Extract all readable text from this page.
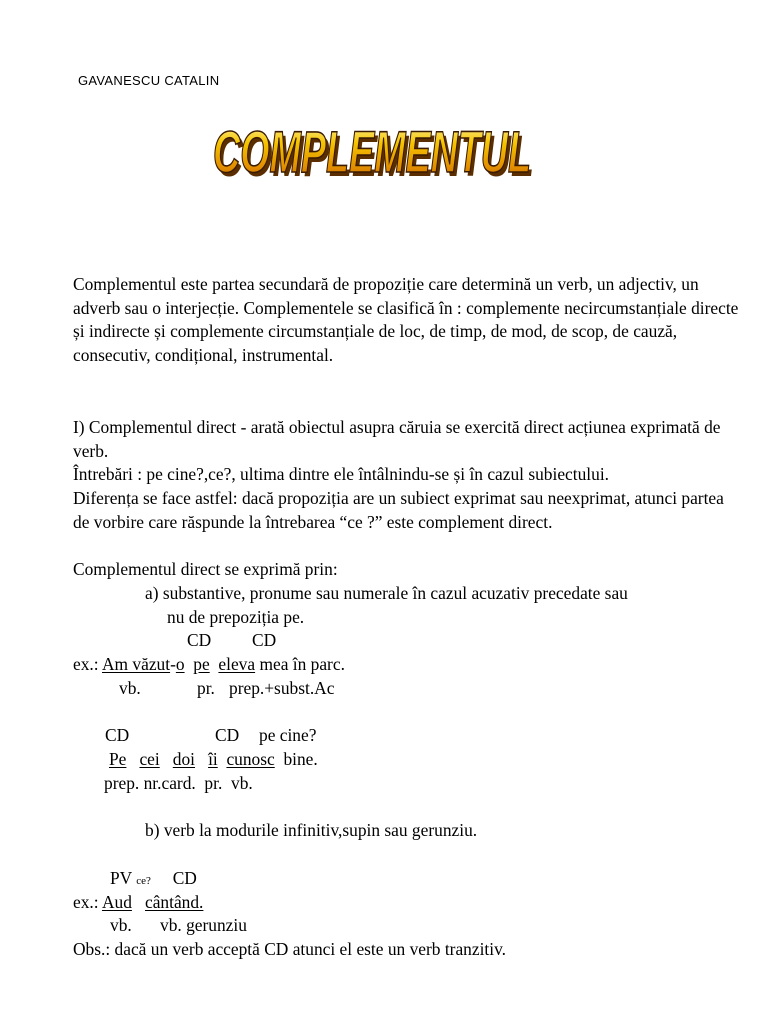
GAVANESCU CATALIN
COMPLEMENTUL
COMPLEMENTUL

Complementul este partea secundară de propoziție care determină un verb, un adjectiv, un adverb sau o interjecție. Complementele se clasifică în : complemente necircumstanțiale directe și indirecte și complemente circumstanțiale de loc, de timp, de mod, de scop, de cauză, consecutiv, condițional, instrumental.

I) Complementul direct - arată obiectul asupra căruia se exercită direct acțiunea exprimată de verb.

Întrebări : pe cine?,ce?, ultima dintre ele întâlnindu-se și în cazul subiectului.

Diferența se face astfel: dacă propoziția are un subiect exprimat sau neexprimat, atunci partea de vorbire care răspunde la întrebarea “ce ?” este complement direct.

Complementul direct se exprimă prin:

a) substantive, pronume sau numerale în cazul acuzativ precedate sau
nu de prepoziția pe.
CD CD
ex.: Am văzut-o pe eleva mea în parc.
vb.	pr. prep.+subst.Ac
CD	CD pe cine?
Pe cei doi îi cunosc bine.
prep. nr.card.  pr.  vb.
b) verb la modurile infinitiv,supin sau gerunziu.
PV ce? CD
ex.: Aud cântând.
vb. vb. gerunziu
Obs.: dacă un verb acceptă CD atunci el este un verb tranzitiv.
